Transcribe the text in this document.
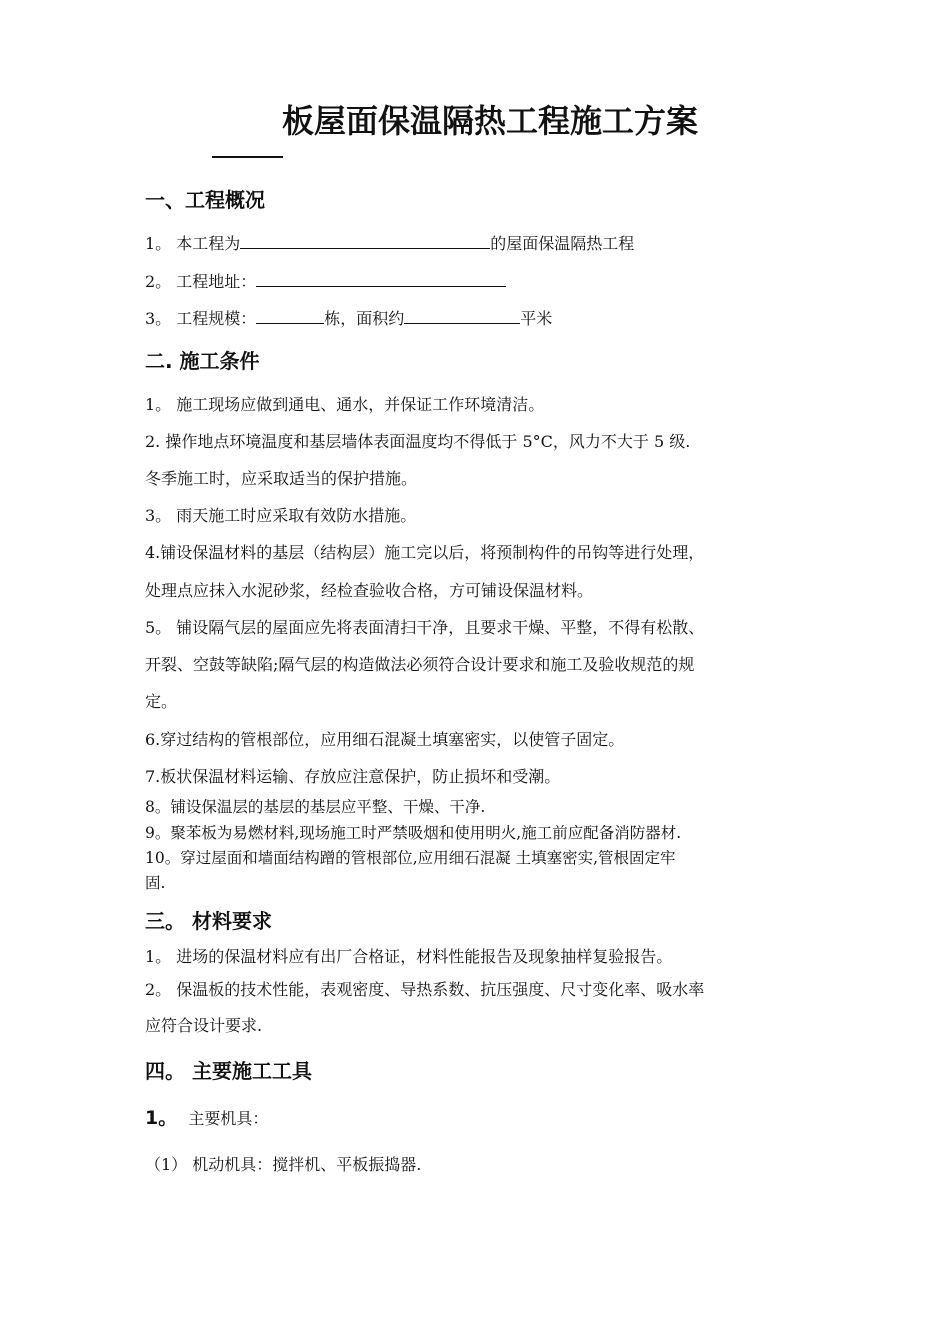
板屋面保温隔热工程施工方案
一、工程概况
1。 本工程为	的屋面保温隔热工程
2。 工程地址：
3。 工程规模：	栋，面积约	平米
二. 施工条件
1。 施工现场应做到通电、通水，并保证工作环境清洁。
2. 操作地点环境温度和基层墙体表面温度均不得低于 5°C，风力不大于 5 级.
冬季施工时，应采取适当的保护措施。
3。 雨天施工时应采取有效防水措施。
4.铺设保温材料的基层（结构层）施工完以后，将预制构件的吊钩等进行处理，
处理点应抹入水泥砂浆，经检查验收合格，方可铺设保温材料。
5。 铺设隔气层的屋面应先将表面清扫干净，且要求干燥、平整，不得有松散、
开裂、空鼓等缺陷;隔气层的构造做法必须符合设计要求和施工及验收规范的规
定。
6.穿过结构的管根部位，应用细石混凝土填塞密实，以使管子固定。
7.板状保温材料运输、存放应注意保护，防止损坏和受潮。
8。铺设保温层的基层的基层应平整、干燥、干净.
9。聚苯板为易燃材料,现场施工时严禁吸烟和使用明火,施工前应配备消防器材.
10。穿过屋面和墙面结构蹭的管根部位,应用细石混凝 土填塞密实,管根固定牢
固.
三。 材料要求
1。 进场的保温材料应有出厂合格证，材料性能报告及现象抽样复验报告。
2。 保温板的技术性能，表观密度、导热系数、抗压强度、尺寸变化率、吸水率
应符合设计要求.
四。 主要施工工具
1。 主要机具：
（1） 机动机具：搅拌机、平板振捣器.
